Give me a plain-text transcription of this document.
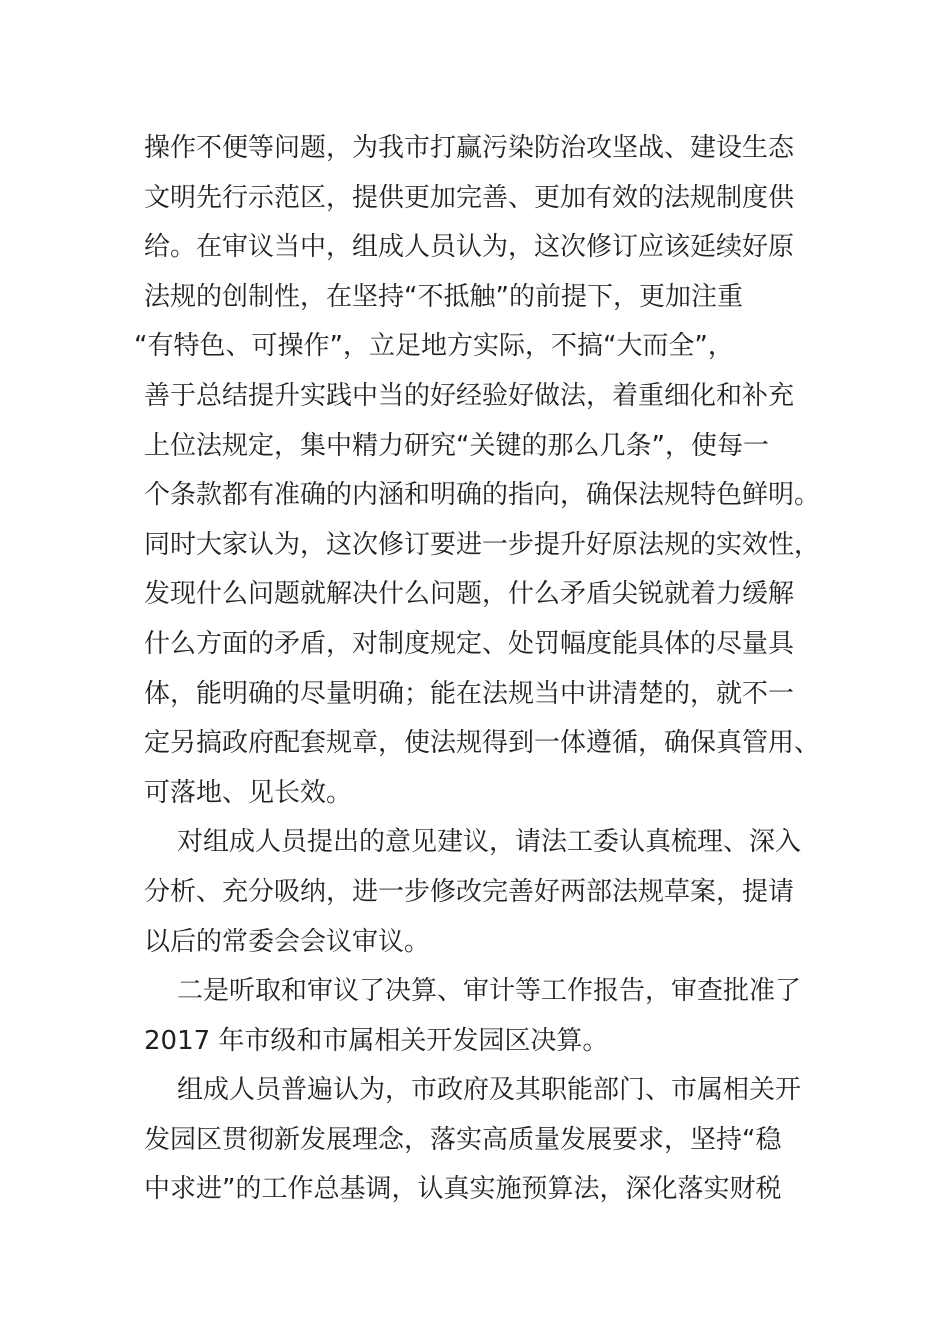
操作不便等问题，为我市打赢污染防治攻坚战、建设生态
文明先行示范区，提供更加完善、更加有效的法规制度供
给。在审议当中，组成人员认为，这次修订应该延续好原
法规的创制性，在坚持“不抵触”的前提下，更加注重
“有特色、可操作”，立足地方实际，不搞“大而全”，
善于总结提升实践中当的好经验好做法，着重细化和补充
上位法规定，集中精力研究“关键的那么几条”，使每一
个条款都有准确的内涵和明确的指向，确保法规特色鲜明。
同时大家认为，这次修订要进一步提升好原法规的实效性，
发现什么问题就解决什么问题，什么矛盾尖锐就着力缓解
什么方面的矛盾，对制度规定、处罚幅度能具体的尽量具
体，能明确的尽量明确；能在法规当中讲清楚的，就不一
定另搞政府配套规章，使法规得到一体遵循，确保真管用、
可落地、见长效。
对组成人员提出的意见建议，请法工委认真梳理、深入
分析、充分吸纳，进一步修改完善好两部法规草案，提请
以后的常委会会议审议。
二是听取和审议了决算、审计等工作报告，审查批准了
2017 年市级和市属相关开发园区决算。
组成人员普遍认为，市政府及其职能部门、市属相关开
发园区贯彻新发展理念，落实高质量发展要求，坚持“稳
中求进”的工作总基调，认真实施预算法，深化落实财税
